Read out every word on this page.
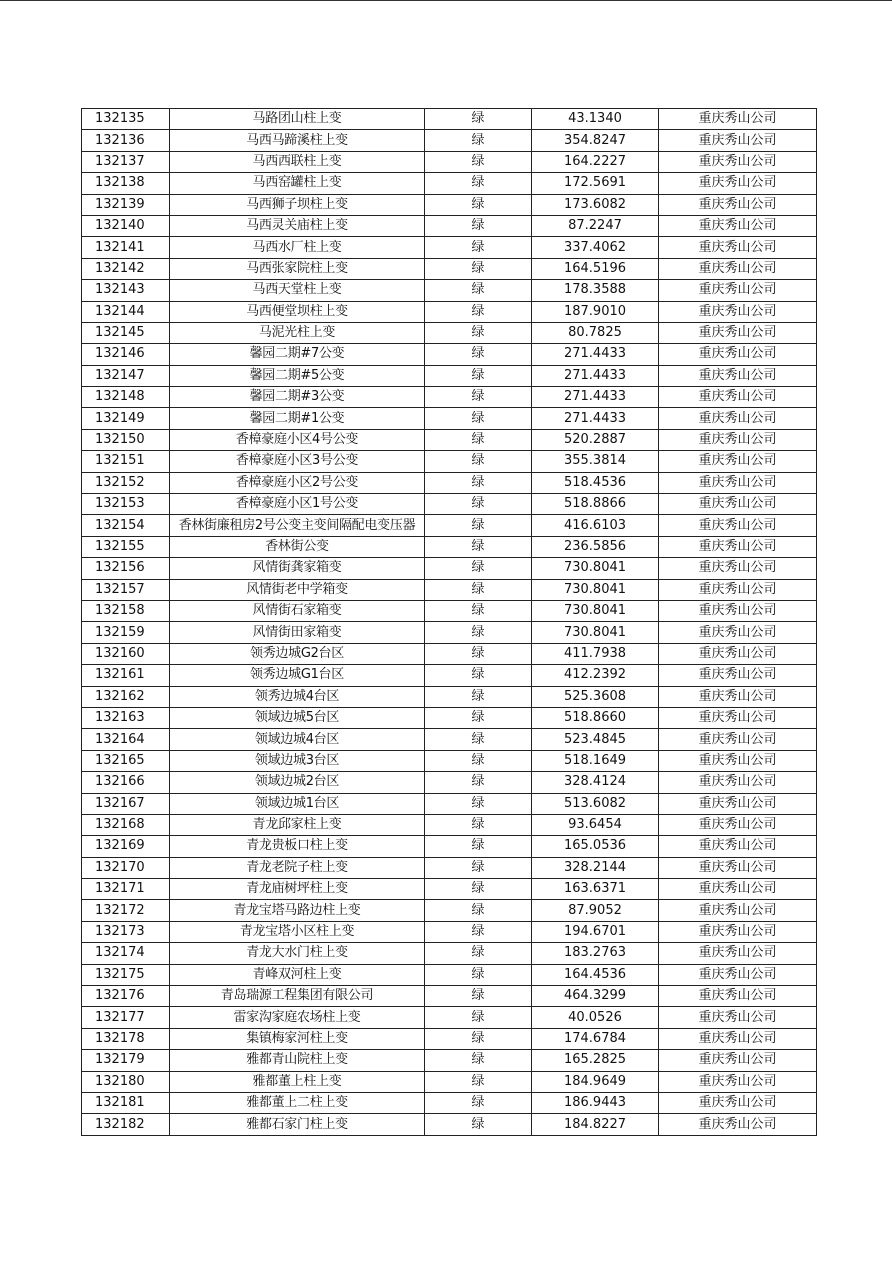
132135	马路团山柱上变	绿	43.1340	重庆秀山公司
132136	马西马蹄溪柱上变	绿	354.8247	重庆秀山公司
132137	马西西联柱上变	绿	164.2227	重庆秀山公司
132138	马西窑罐柱上变	绿	172.5691	重庆秀山公司
132139	马西狮子坝柱上变	绿	173.6082	重庆秀山公司
132140	马西灵关庙柱上变	绿	87.2247	重庆秀山公司
132141	马西水厂柱上变	绿	337.4062	重庆秀山公司
132142	马西张家院柱上变	绿	164.5196	重庆秀山公司
132143	马西天堂柱上变	绿	178.3588	重庆秀山公司
132144	马西便堂坝柱上变	绿	187.9010	重庆秀山公司
132145	马泥光柱上变	绿	80.7825	重庆秀山公司
132146	馨园二期#7公变	绿	271.4433	重庆秀山公司
132147	馨园二期#5公变	绿	271.4433	重庆秀山公司
132148	馨园二期#3公变	绿	271.4433	重庆秀山公司
132149	馨园二期#1公变	绿	271.4433	重庆秀山公司
132150	香樟豪庭小区4号公变	绿	520.2887	重庆秀山公司
132151	香樟豪庭小区3号公变	绿	355.3814	重庆秀山公司
132152	香樟豪庭小区2号公变	绿	518.4536	重庆秀山公司
132153	香樟豪庭小区1号公变	绿	518.8866	重庆秀山公司
132154	香林街廉租房2号公变主变间隔配电变压器	绿	416.6103	重庆秀山公司
132155	香林街公变	绿	236.5856	重庆秀山公司
132156	风情街龚家箱变	绿	730.8041	重庆秀山公司
132157	风情街老中学箱变	绿	730.8041	重庆秀山公司
132158	风情街石家箱变	绿	730.8041	重庆秀山公司
132159	风情街田家箱变	绿	730.8041	重庆秀山公司
132160	领秀边城G2台区	绿	411.7938	重庆秀山公司
132161	领秀边城G1台区	绿	412.2392	重庆秀山公司
132162	领秀边城4台区	绿	525.3608	重庆秀山公司
132163	领域边城5台区	绿	518.8660	重庆秀山公司
132164	领域边城4台区	绿	523.4845	重庆秀山公司
132165	领域边城3台区	绿	518.1649	重庆秀山公司
132166	领域边城2台区	绿	328.4124	重庆秀山公司
132167	领域边城1台区	绿	513.6082	重庆秀山公司
132168	青龙邱家柱上变	绿	93.6454	重庆秀山公司
132169	青龙贵板口柱上变	绿	165.0536	重庆秀山公司
132170	青龙老院子柱上变	绿	328.2144	重庆秀山公司
132171	青龙庙树坪柱上变	绿	163.6371	重庆秀山公司
132172	青龙宝塔马路边柱上变	绿	87.9052	重庆秀山公司
132173	青龙宝塔小区柱上变	绿	194.6701	重庆秀山公司
132174	青龙大水门柱上变	绿	183.2763	重庆秀山公司
132175	青峰双河柱上变	绿	164.4536	重庆秀山公司
132176	青岛瑞源工程集团有限公司	绿	464.3299	重庆秀山公司
132177	雷家沟家庭农场柱上变	绿	40.0526	重庆秀山公司
132178	集镇梅家河柱上变	绿	174.6784	重庆秀山公司
132179	雅都青山院柱上变	绿	165.2825	重庆秀山公司
132180	雅都董上柱上变	绿	184.9649	重庆秀山公司
132181	雅都董上二柱上变	绿	186.9443	重庆秀山公司
132182	雅都石家门柱上变	绿	184.8227	重庆秀山公司
